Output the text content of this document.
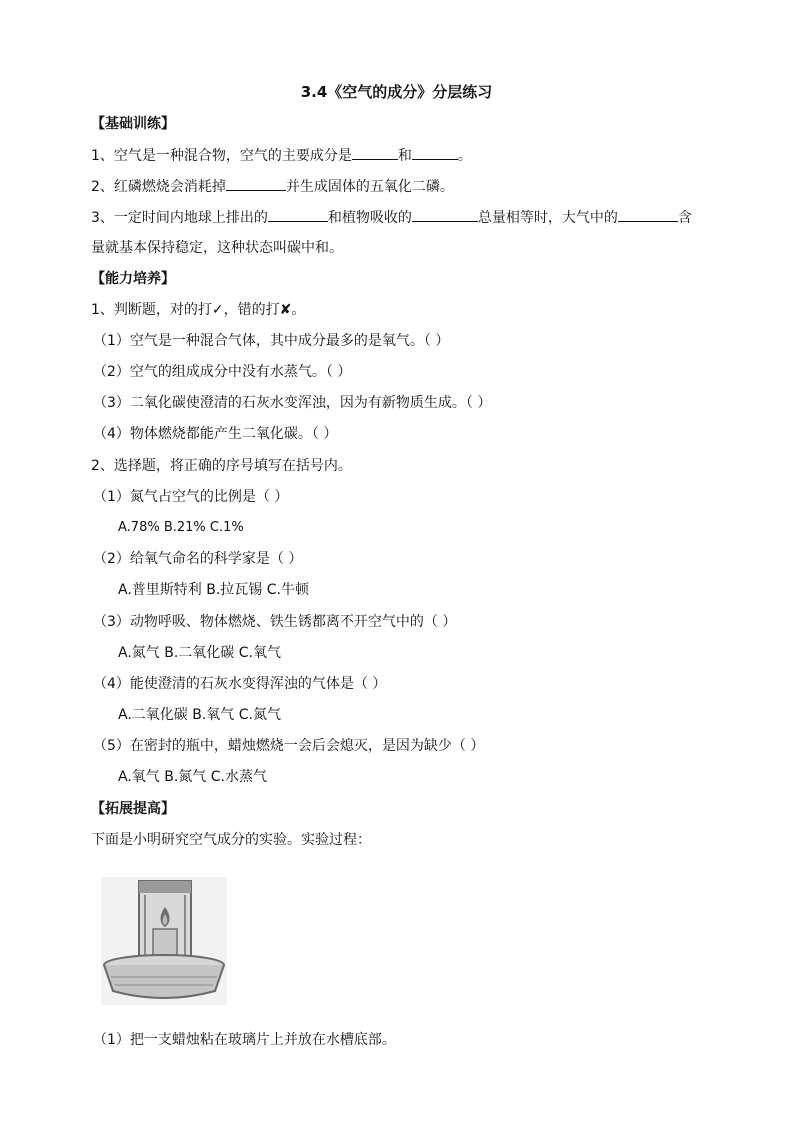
3.4《空气的成分》分层练习
【基础训练】
1、空气是一种混合物，空气的主要成分是	和	。
2、红磷燃烧会消耗掉	并生成固体的五氧化二磷。
3、一定时间内地球上排出的	和植物吸收的	总量相等时，大气中的	含
量就基本保持稳定，这种状态叫碳中和。
【能力培养】
1、判断题，对的打✓，错的打✘。
（1）空气是一种混合气体，其中成分最多的是氧气。（ ）
（2）空气的组成成分中没有水蒸气。（ ）
（3）二氧化碳使澄清的石灰水变浑浊，因为有新物质生成。（ ）
（4）物体燃烧都能产生二氧化碳。（ ）
2、选择题，将正确的序号填写在括号内。
（1）氮气占空气的比例是（ ）
A.78% B.21% C.1%
（2）给氧气命名的科学家是（ ）
A.普里斯特利 B.拉瓦锡 C.牛顿
（3）动物呼吸、物体燃烧、铁生锈都离不开空气中的（ ）
A.氮气 B.二氧化碳 C.氧气
（4）能使澄清的石灰水变得浑浊的气体是（ ）
A.二氧化碳 B.氧气 C.氮气
（5）在密封的瓶中，蜡烛燃烧一会后会熄灭，是因为缺少（ ）
A.氧气 B.氮气 C.水蒸气
【拓展提高】
下面是小明研究空气成分的实验。实验过程：
（1）把一支蜡烛粘在玻璃片上并放在水槽底部。
